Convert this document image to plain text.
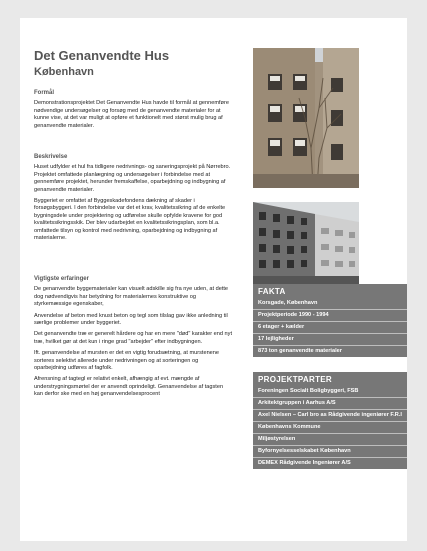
Det Genanvendte Hus
København
Formål

Demonstrationsprojektet Det Genanvendte Hus havde til formål at gennemføre nødvendige undersøgelser og forsøg med de genanvendte materialer for at kunne vise, at det var muligt at opføre et funktionelt med størst mulig brug af genanvendte materialer.

Beskrivelse

Huset udfylder et hul fra tidligere nedrivnings- og saneringsprojekt på Nørrebro. Projektet omfattede planlægning og undersøgelser i forbindelse med at gennemføre projektet, herunder fremskaffelse, oparbejdning og indbygning af genanvendte materialer.

Byggeriet er omfattet af Byggeskadefondens dækning af skader i forsøgsbyggeri. I den forbindelse var det et krav, kvalitetssikring af de enkelte bygningsdele under projektering og udførelse skulle opfylde kravene for god kvalitetssikringsskik. Der blev udarbejdet en kvalitetssikringsplan, som bl.a. omfattede tilsyn og kontrol med nedrivning, oparbejdning og indbygning af materialerne.

Vigtigste erfaringer

De genanvendte byggematerialer kan visuelt adskille sig fra nye uden, at dette dog nødvendigvis har betydning for materialernes konstruktive og styrkemæssige egenskaber,

Anvendelse af beton med knust beton og tegl som tilslag gav ikke anledning til særlige problemer under byggeriet.

Det genanvendte træ er generelt hårdere og har en mere "død" karakter end nyt træ, hvilket gør at det kun i ringe grad "arbejder" efter indbygningen.

Ift. genanvendelse af mursten er det en vigtig forudsætning, at murstenene sorteres selektivt allerede under nedrivningen og at sorteringen og oparbejdning udføres af fagfolk.

Afrensning af tagtegl er relativt enkelt, afhængig af evt. mængde af understrygningsmørtel der er anvendt oprindeligt. Genanvendelse af tagsten kan derfor ske med en høj genanvendelsesprocent

FAKTA
Korsgade, København
Projektperiode 1990 - 1994
6 etager + kælder
17 lejligheder
873 ton genanvendte materialer
PROJEKTPARTER
Foreningen Socialt Boligbyggeri, FSB
Arkitektgruppen i Aarhus A/S
Axel Nielsen – Carl bro as Rådgivende ingeniører F.R.I
Københavns Kommune
Miljøstyrelsen
Byfornyelsesselskabet København
DEMEX Rådgivende Ingeniører A/S
